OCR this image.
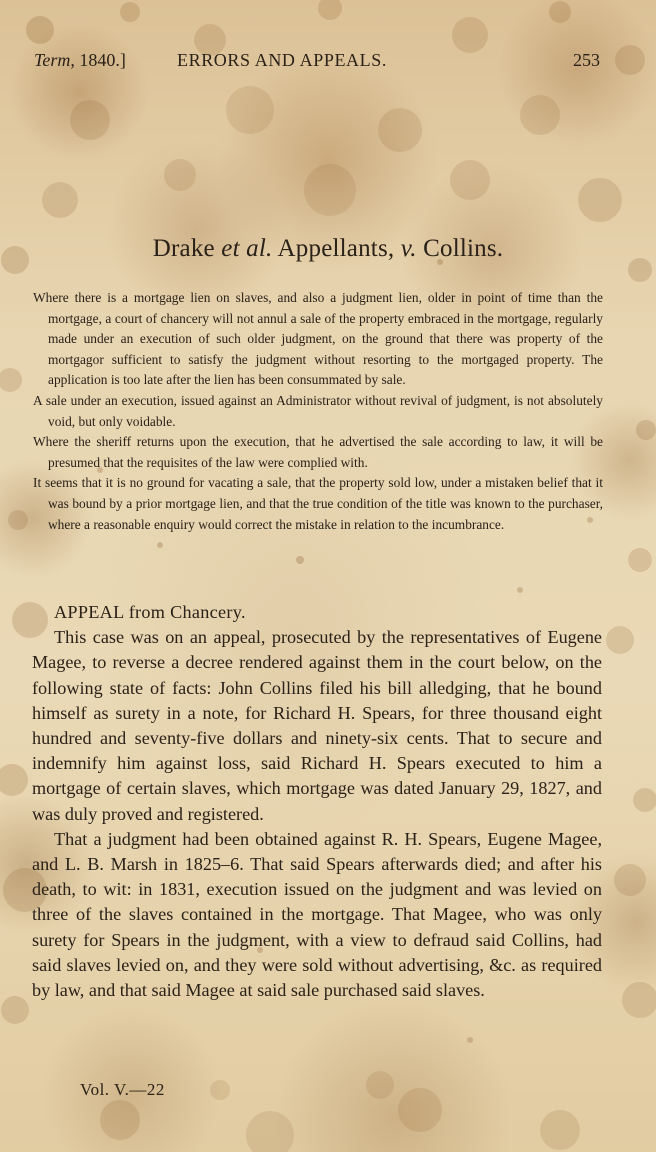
Term, 1840.]	ERRORS AND APPEALS.	253
Drake et al. Appellants, v. Collins.

Where there is a mortgage lien on slaves, and also a judgment lien, older in point of time than the mortgage, a court of chancery will not annul a sale of the property embraced in the mortgage, regularly made under an execution of such older judgment, on the ground that there was property of the mortgagor sufficient to satisfy the judgment without resorting to the mortgaged property. The application is too late after the lien has been consummated by sale.

A sale under an execution, issued against an Administrator without revival of judgment, is not absolutely void, but only voidable.

Where the sheriff returns upon the execution, that he advertised the sale according to law, it will be presumed that the requisites of the law were complied with.

It seems that it is no ground for vacating a sale, that the property sold low, under a mistaken belief that it was bound by a prior mortgage lien, and that the true condition of the title was known to the purchaser, where a reasonable enquiry would correct the mistake in relation to the incumbrance.

APPEAL from Chancery.

This case was on an appeal, prosecuted by the representatives of Eugene Magee, to reverse a decree rendered against them in the court below, on the following state of facts: John Collins filed his bill alledging, that he bound himself as surety in a note, for Richard H. Spears, for three thousand eight hundred and seventy-five dollars and ninety-six cents. That to secure and indemnify him against loss, said Richard H. Spears executed to him a mortgage of certain slaves, which mortgage was dated January 29, 1827, and was duly proved and registered.

That a judgment had been obtained against R. H. Spears, Eugene Magee, and L. B. Marsh in 1825–6. That said Spears afterwards died; and after his death, to wit: in 1831, execution issued on the judgment and was levied on three of the slaves contained in the mortgage. That Magee, who was only surety for Spears in the judgment, with a view to defraud said Collins, had said slaves levied on, and they were sold without advertising, &c. as required by law, and that said Magee at said sale purchased said slaves.

Vol. V.—22
